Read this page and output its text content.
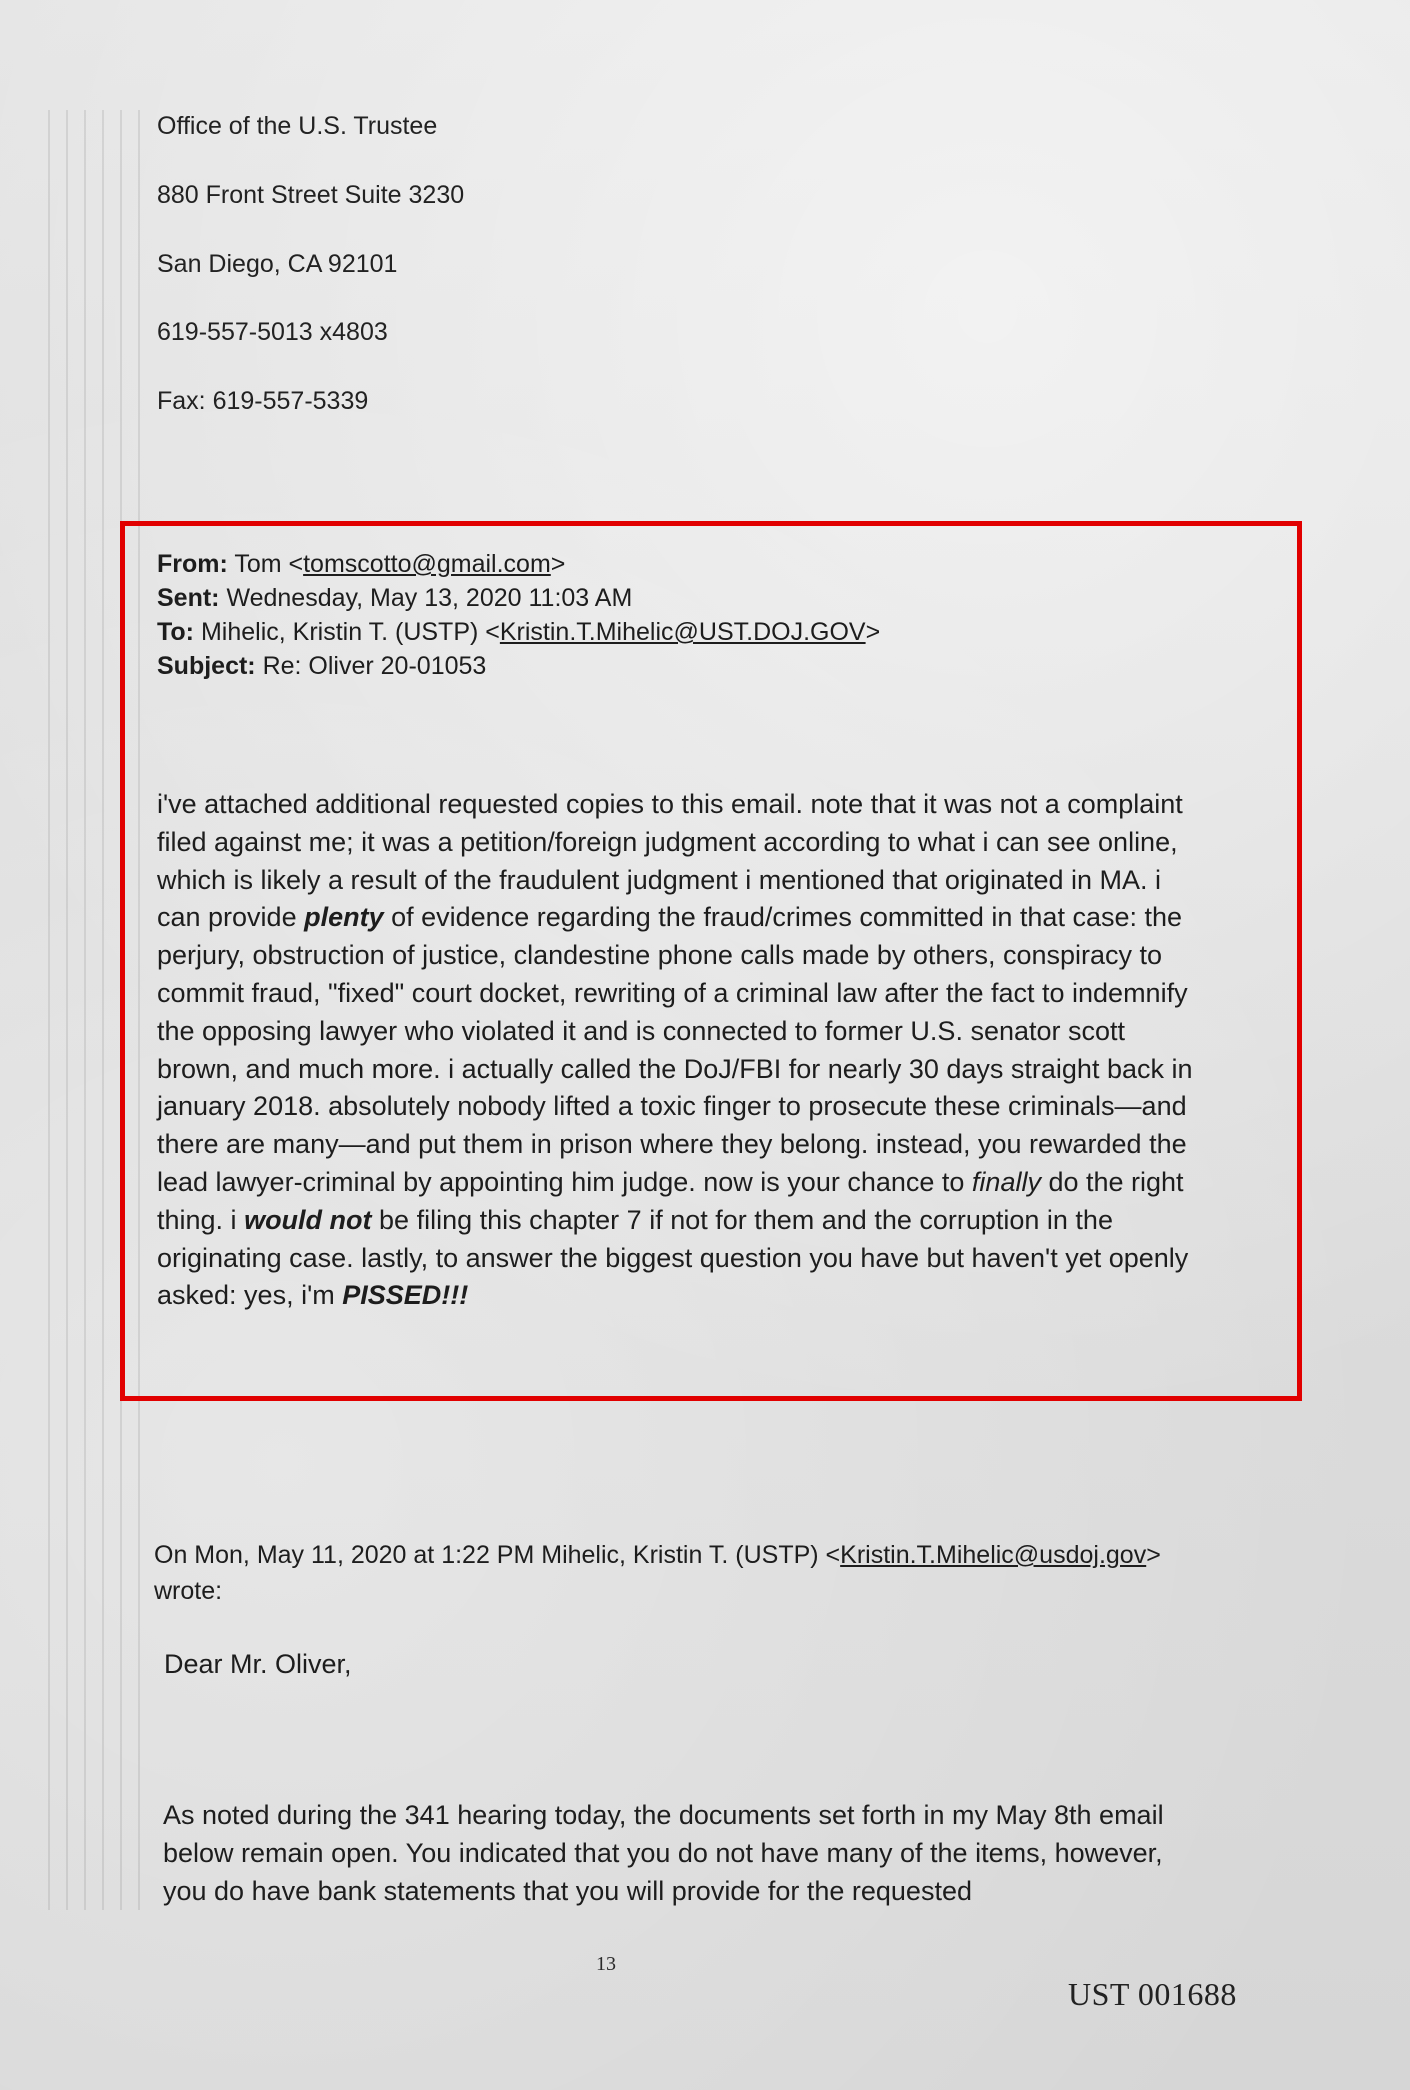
Office of the U.S. Trustee
880 Front Street Suite 3230
San Diego, CA 92101
619-557-5013 x4803
Fax: 619-557-5339
From: Tom <tomscotto@gmail.com>
Sent: Wednesday, May 13, 2020 11:03 AM
To: Mihelic, Kristin T. (USTP) <Kristin.T.Mihelic@UST.DOJ.GOV>
Subject: Re: Oliver 20-01053

i've attached additional requested copies to this email. note that it was not a complaint filed against me; it was a petition/foreign judgment according to what i can see online, which is likely a result of the fraudulent judgment i mentioned that originated in MA. i can provide plenty of evidence regarding the fraud/crimes committed in that case: the perjury, obstruction of justice, clandestine phone calls made by others, conspiracy to commit fraud, "fixed" court docket, rewriting of a criminal law after the fact to indemnify the opposing lawyer who violated it and is connected to former U.S. senator scott brown, and much more. i actually called the DoJ/FBI for nearly 30 days straight back in january 2018. absolutely nobody lifted a toxic finger to prosecute these criminals—and there are many—and put them in prison where they belong. instead, you rewarded the lead lawyer-criminal by appointing him judge. now is your chance to finally do the right thing. i would not be filing this chapter 7 if not for them and the corruption in the originating case. lastly, to answer the biggest question you have but haven't yet openly asked: yes, i'm PISSED!!!

On Mon, May 11, 2020 at 1:22 PM Mihelic, Kristin T. (USTP) <Kristin.T.Mihelic@usdoj.gov>
wrote:
Dear Mr. Oliver,

As noted during the 341 hearing today, the documents set forth in my May 8th email below remain open. You indicated that you do not have many of the items, however, you do have bank statements that you will provide for the requested

13
UST 001688
